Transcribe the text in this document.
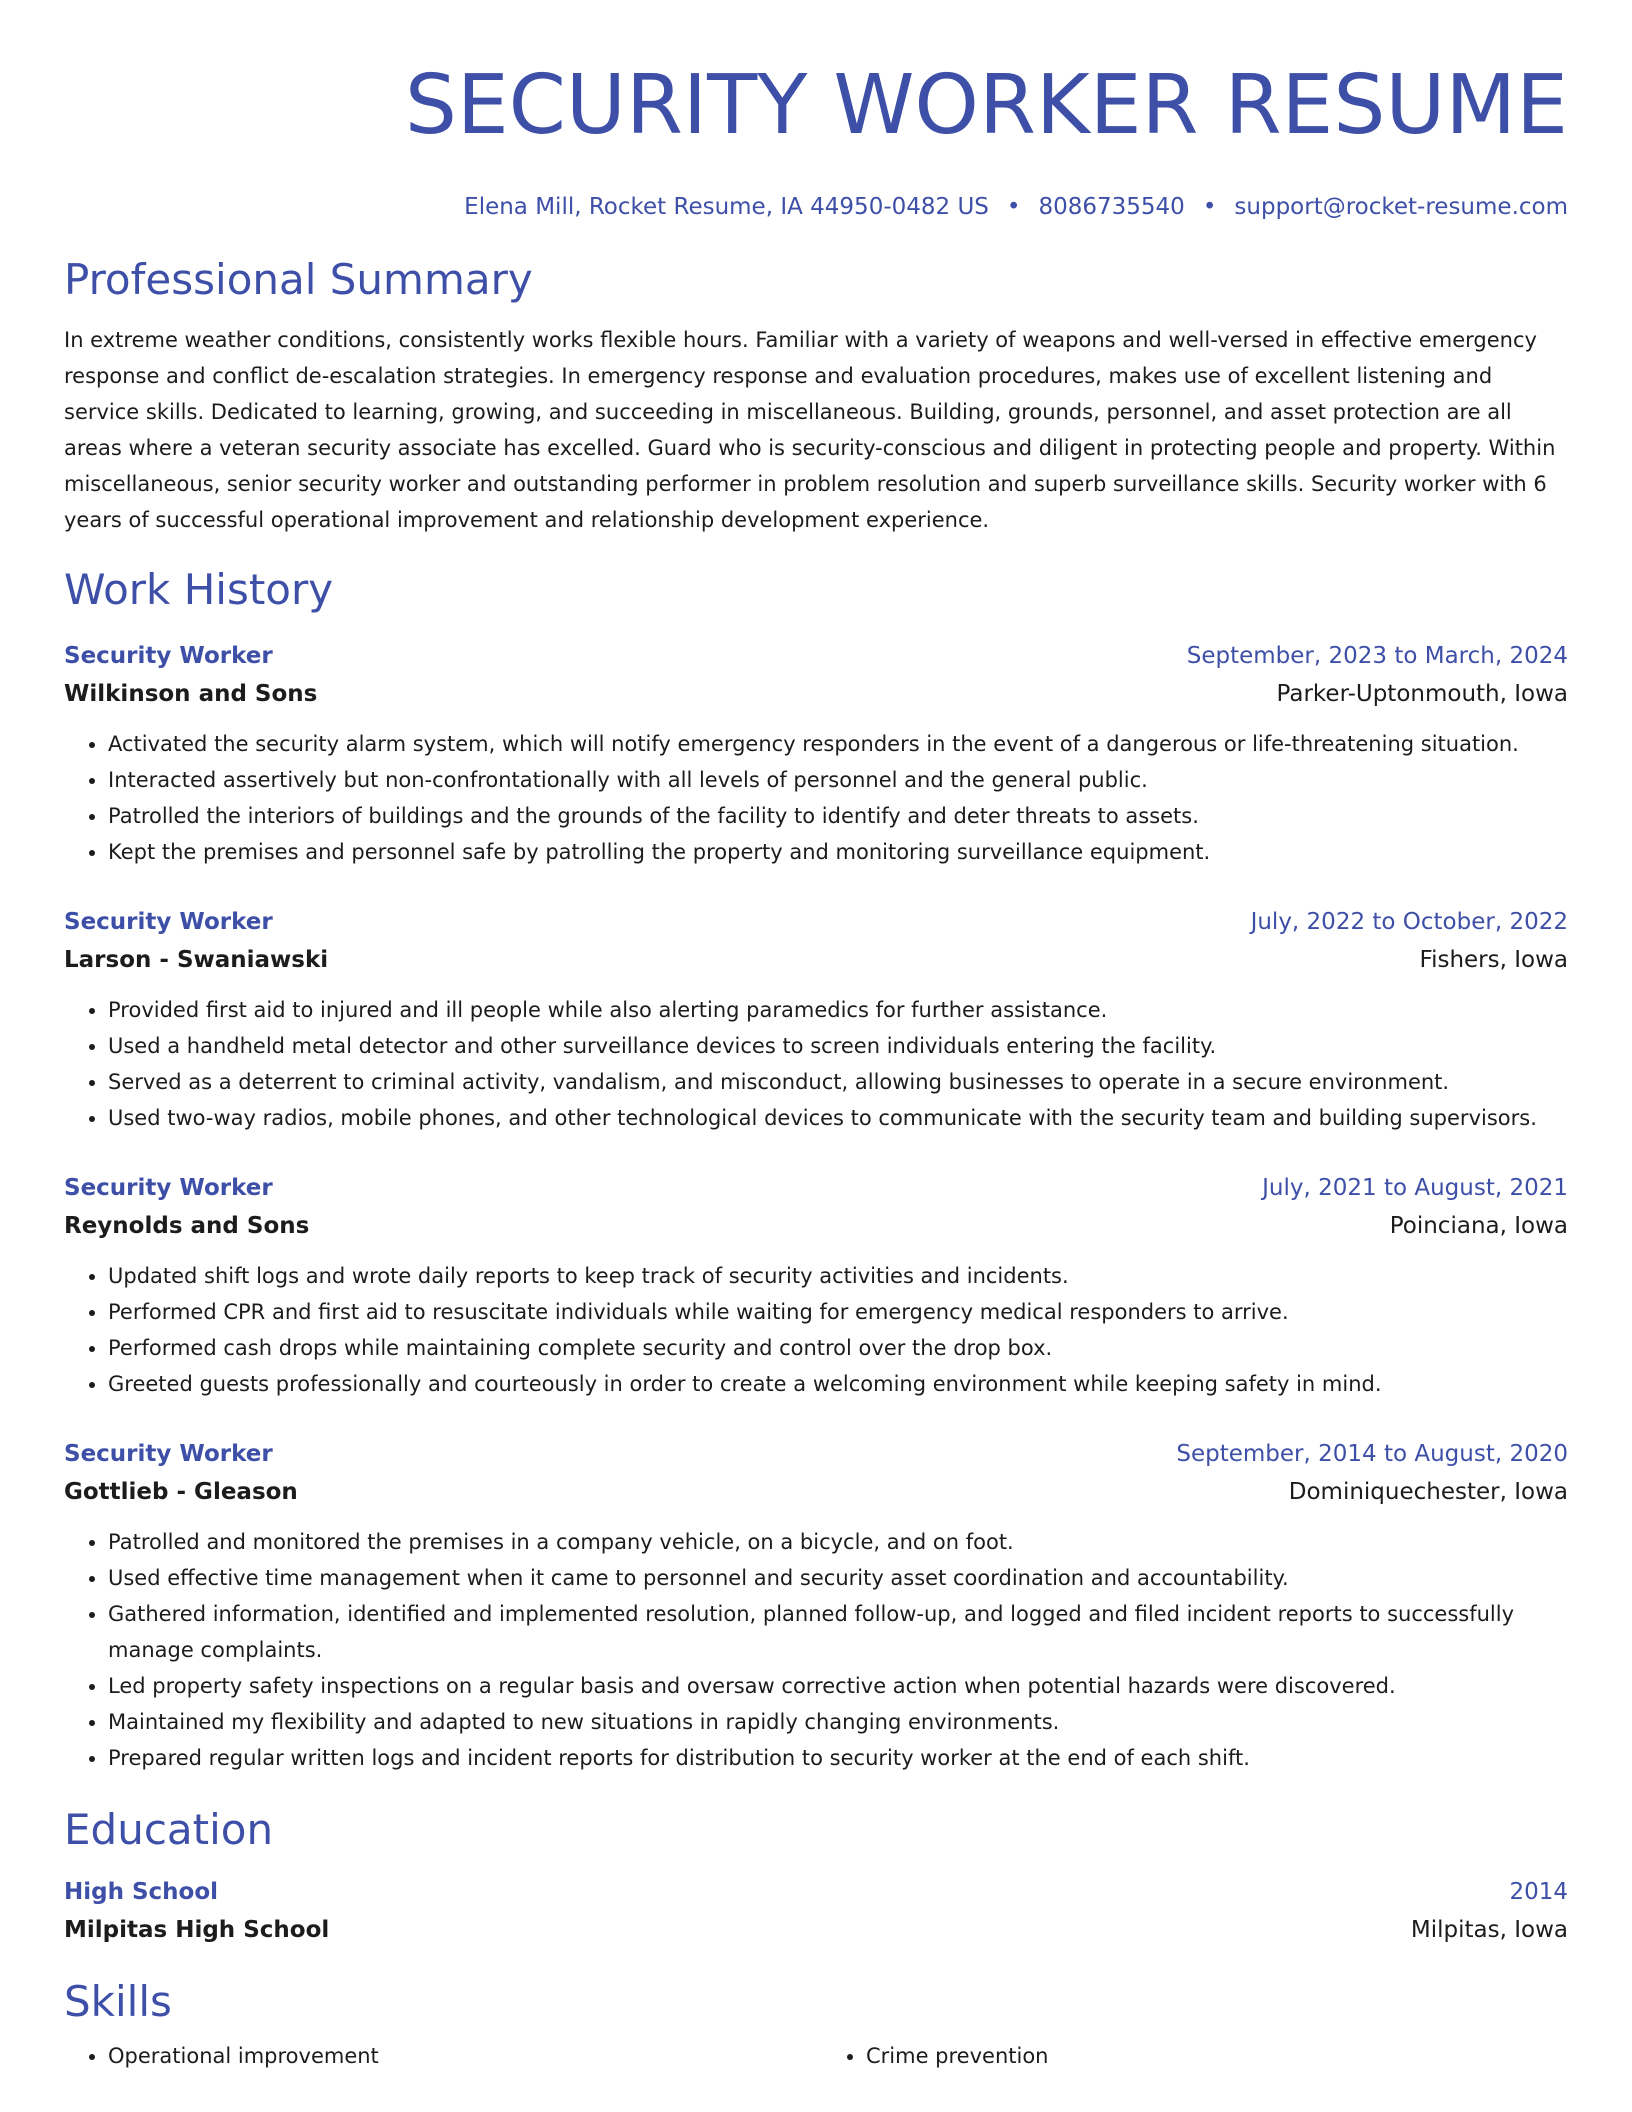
SECURITY WORKER RESUME
Elena Mill, Rocket Resume, IA 44950-0482 US • 8086735540 • support@rocket-resume.com
Professional Summary
In extreme weather conditions, consistently works flexible hours. Familiar with a variety of weapons and well-versed in effective emergency response and conflict de-escalation strategies. In emergency response and evaluation procedures, makes use of excellent listening and service skills. Dedicated to learning, growing, and succeeding in miscellaneous. Building, grounds, personnel, and asset protection are all areas where a veteran security associate has excelled. Guard who is security-conscious and diligent in protecting people and property. Within miscellaneous, senior security worker and outstanding performer in problem resolution and superb surveillance skills. Security worker with 6 years of successful operational improvement and relationship development experience.
Work History
Security Worker	September, 2023 to March, 2024
Wilkinson and Sons	Parker-Uptonmouth, Iowa
• Activated the security alarm system, which will notify emergency responders in the event of a dangerous or life-threatening situation.
• Interacted assertively but non-confrontationally with all levels of personnel and the general public.
• Patrolled the interiors of buildings and the grounds of the facility to identify and deter threats to assets.
• Kept the premises and personnel safe by patrolling the property and monitoring surveillance equipment.
Security Worker	July, 2022 to October, 2022
Larson - Swaniawski	Fishers, Iowa
• Provided first aid to injured and ill people while also alerting paramedics for further assistance.
• Used a handheld metal detector and other surveillance devices to screen individuals entering the facility.
• Served as a deterrent to criminal activity, vandalism, and misconduct, allowing businesses to operate in a secure environment.
• Used two-way radios, mobile phones, and other technological devices to communicate with the security team and building supervisors.
Security Worker	July, 2021 to August, 2021
Reynolds and Sons	Poinciana, Iowa
• Updated shift logs and wrote daily reports to keep track of security activities and incidents.
• Performed CPR and first aid to resuscitate individuals while waiting for emergency medical responders to arrive.
• Performed cash drops while maintaining complete security and control over the drop box.
• Greeted guests professionally and courteously in order to create a welcoming environment while keeping safety in mind.
Security Worker	September, 2014 to August, 2020
Gottlieb - Gleason	Dominiquechester, Iowa
• Patrolled and monitored the premises in a company vehicle, on a bicycle, and on foot.
• Used effective time management when it came to personnel and security asset coordination and accountability.
• Gathered information, identified and implemented resolution, planned follow-up, and logged and filed incident reports to successfully manage complaints.
• Led property safety inspections on a regular basis and oversaw corrective action when potential hazards were discovered.
• Maintained my flexibility and adapted to new situations in rapidly changing environments.
• Prepared regular written logs and incident reports for distribution to security worker at the end of each shift.
Education
High School	2014
Milpitas High School	Milpitas, Iowa
Skills
• Operational improvement
•	Crime prevention
